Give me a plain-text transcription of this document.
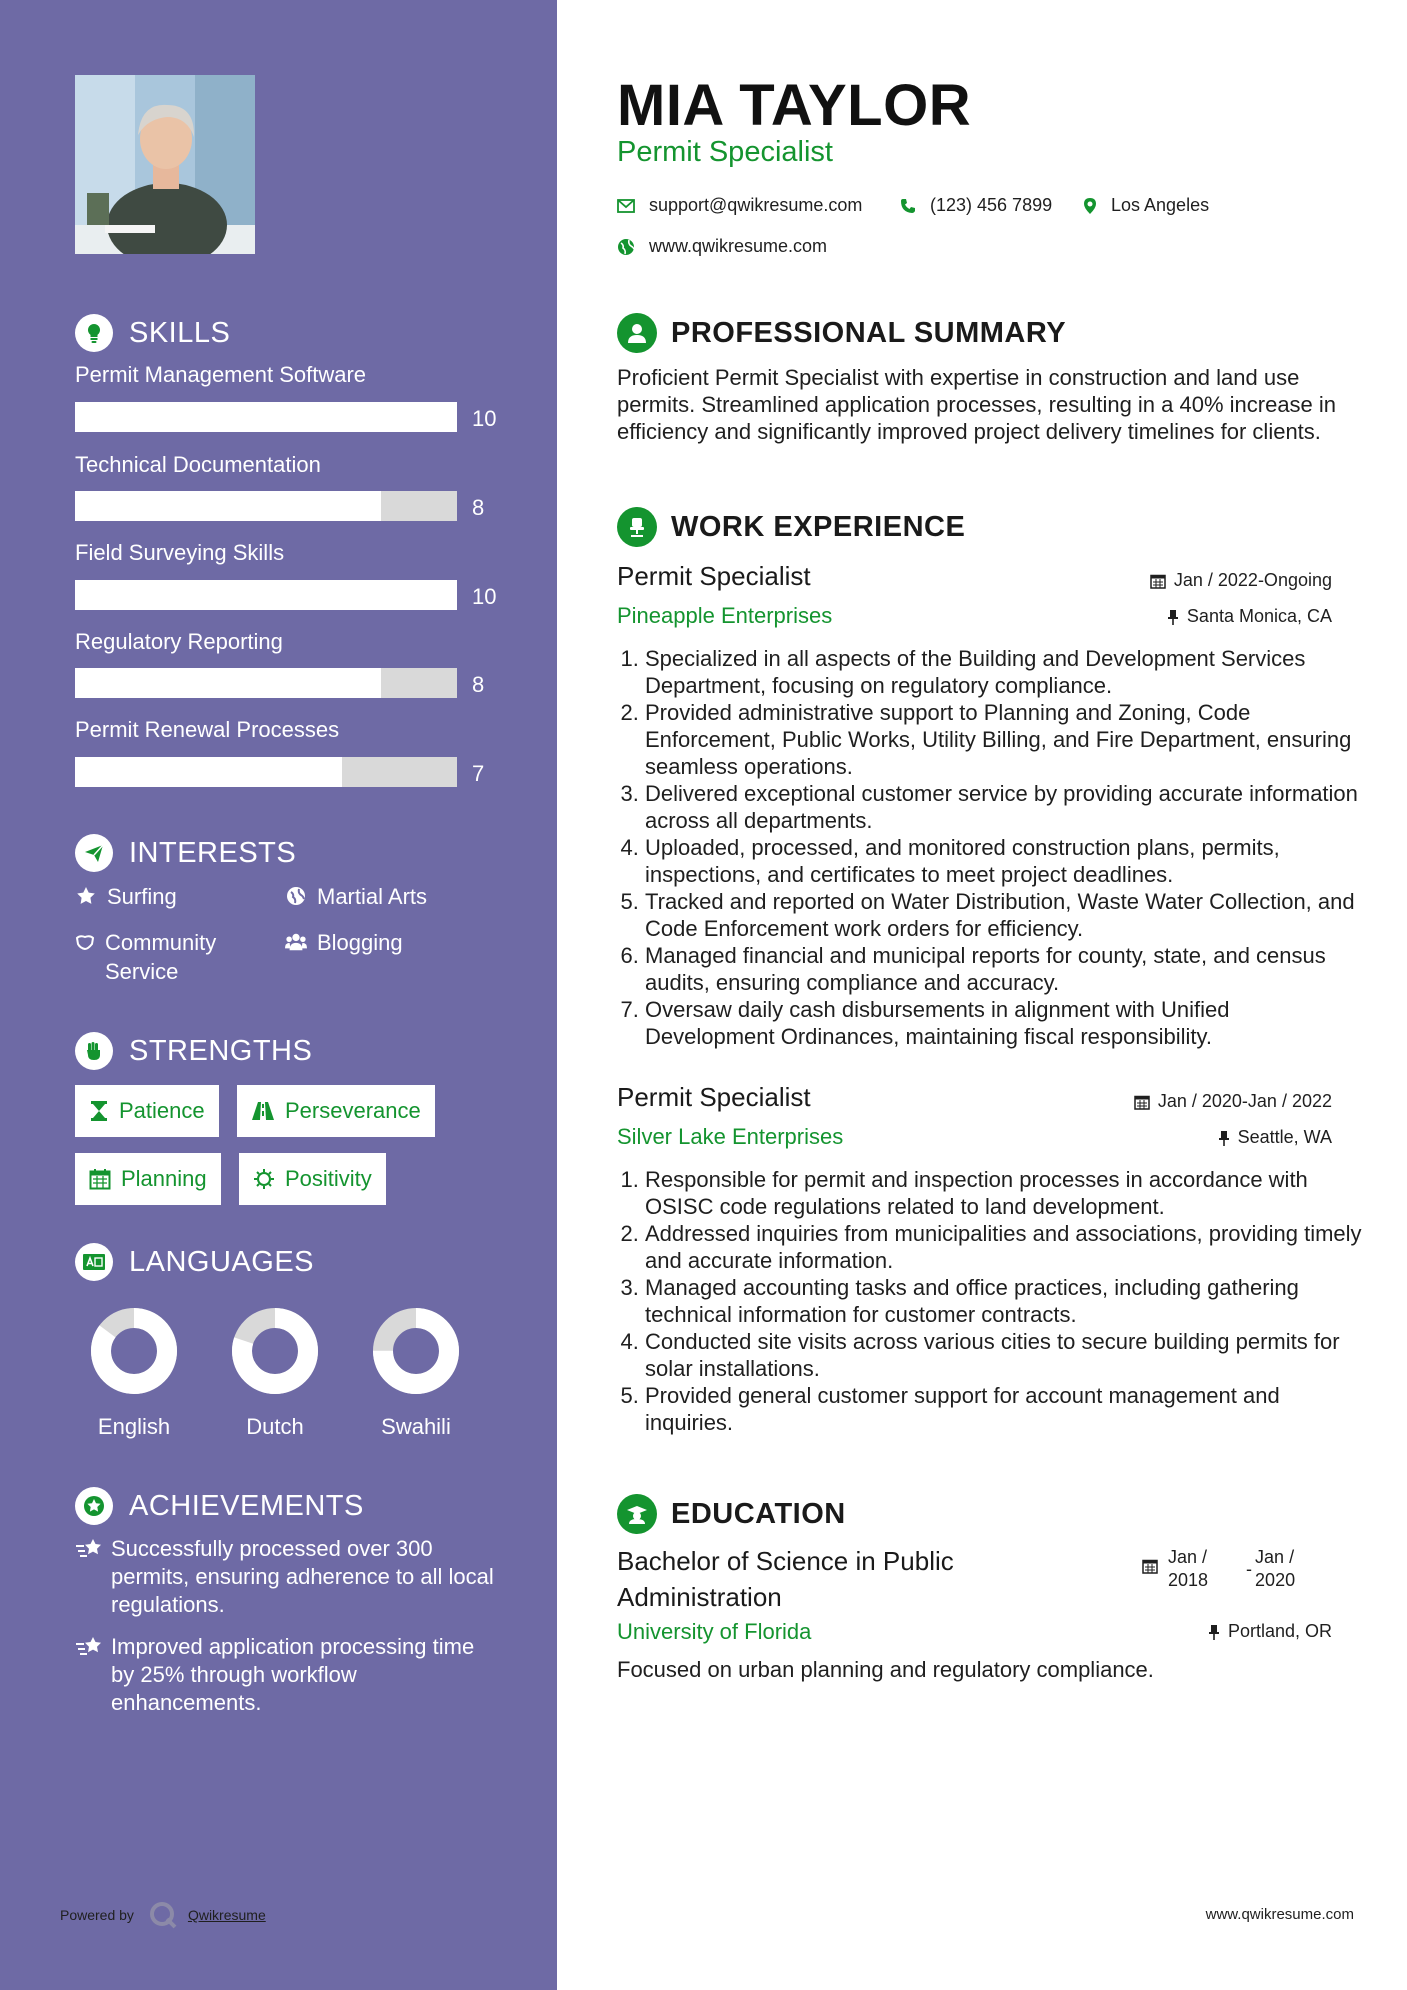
SKILLS
Permit Management Software
10
Technical Documentation
8
Field Surveying Skills
10
Regulatory Reporting
8
Permit Renewal Processes
7
INTERESTS
Surfing	Martial Arts
Community Service
Blogging
STRENGTHS
Patience	Perseverance
Planning	Positivity
LANGUAGES
English	Dutch	Swahili
ACHIEVEMENTS
Successfully processed over 300 permits, ensuring adherence to all local regulations.
Improved application processing time by 25% through workflow enhancements.
Powered by	Qwikresume
MIA TAYLOR
Permit Specialist
support@qwikresume.com	(123) 456 7899	Los Angeles
www.qwikresume.com
PROFESSIONAL SUMMARY
Proficient Permit Specialist with expertise in construction and land use permits. Streamlined application processes, resulting in a 40% increase in efficiency and significantly improved project delivery timelines for clients.
WORK EXPERIENCE
Permit Specialist	Jan / 2022-Ongoing
Pineapple Enterprises	Santa Monica, CA
1. Specialized in all aspects of the Building and Development Services Department, focusing on regulatory compliance.
2. Provided administrative support to Planning and Zoning, Code Enforcement, Public Works, Utility Billing, and Fire Department, ensuring seamless operations.
3. Delivered exceptional customer service by providing accurate information across all departments.
4. Uploaded, processed, and monitored construction plans, permits, inspections, and certificates to meet project deadlines.
5. Tracked and reported on Water Distribution, Waste Water Collection, and Code Enforcement work orders for efficiency.
6. Managed financial and municipal reports for county, state, and census audits, ensuring compliance and accuracy.
7. Oversaw daily cash disbursements in alignment with Unified Development Ordinances, maintaining fiscal responsibility.
Permit Specialist	Jan / 2020-Jan / 2022
Silver Lake Enterprises	Seattle, WA
1. Responsible for permit and inspection processes in accordance with OSISC code regulations related to land development.
2. Addressed inquiries from municipalities and associations, providing timely and accurate information.
3. Managed accounting tasks and office practices, including gathering technical information for customer contracts.
4. Conducted site visits across various cities to secure building permits for solar installations.
5. Provided general customer support for account management and inquiries.
EDUCATION
Bachelor of Science in Public Administration
Jan /
2018
-
Jan /
2020
University of Florida	Portland, OR
Focused on urban planning and regulatory compliance.
www.qwikresume.com
